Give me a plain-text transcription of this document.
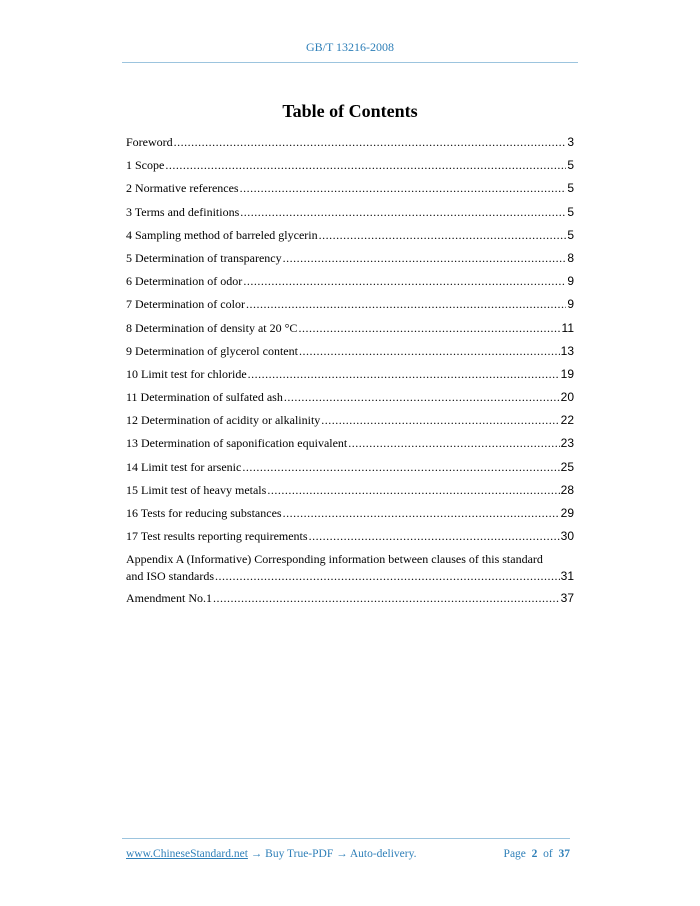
GB/T 13216-2008
Table of Contents
Foreword .....	3
1 Scope .....	5
2 Normative references .....	5
3 Terms and definitions .....	5
4 Sampling method of barreled glycerin .....	5
5 Determination of transparency .....	8
6 Determination of odor .....	9
7 Determination of color .....	9
8 Determination of density at 20 °C .....	11
9 Determination of glycerol content .....	13
10 Limit test for chloride .....	19
11 Determination of sulfated ash .....	20
12 Determination of acidity or alkalinity .....	22
13 Determination of saponification equivalent .....	23
14 Limit test for arsenic .....	25
15 Limit test of heavy metals .....	28
16 Tests for reducing substances .....	29
17 Test results reporting requirements .....	30
Appendix A (Informative) Corresponding information between clauses of this standard
and ISO standards .....	31
Amendment No.1 .....	37
www.ChineseStandard.net → Buy True-PDF → Auto-delivery.	Page 2 of 37
